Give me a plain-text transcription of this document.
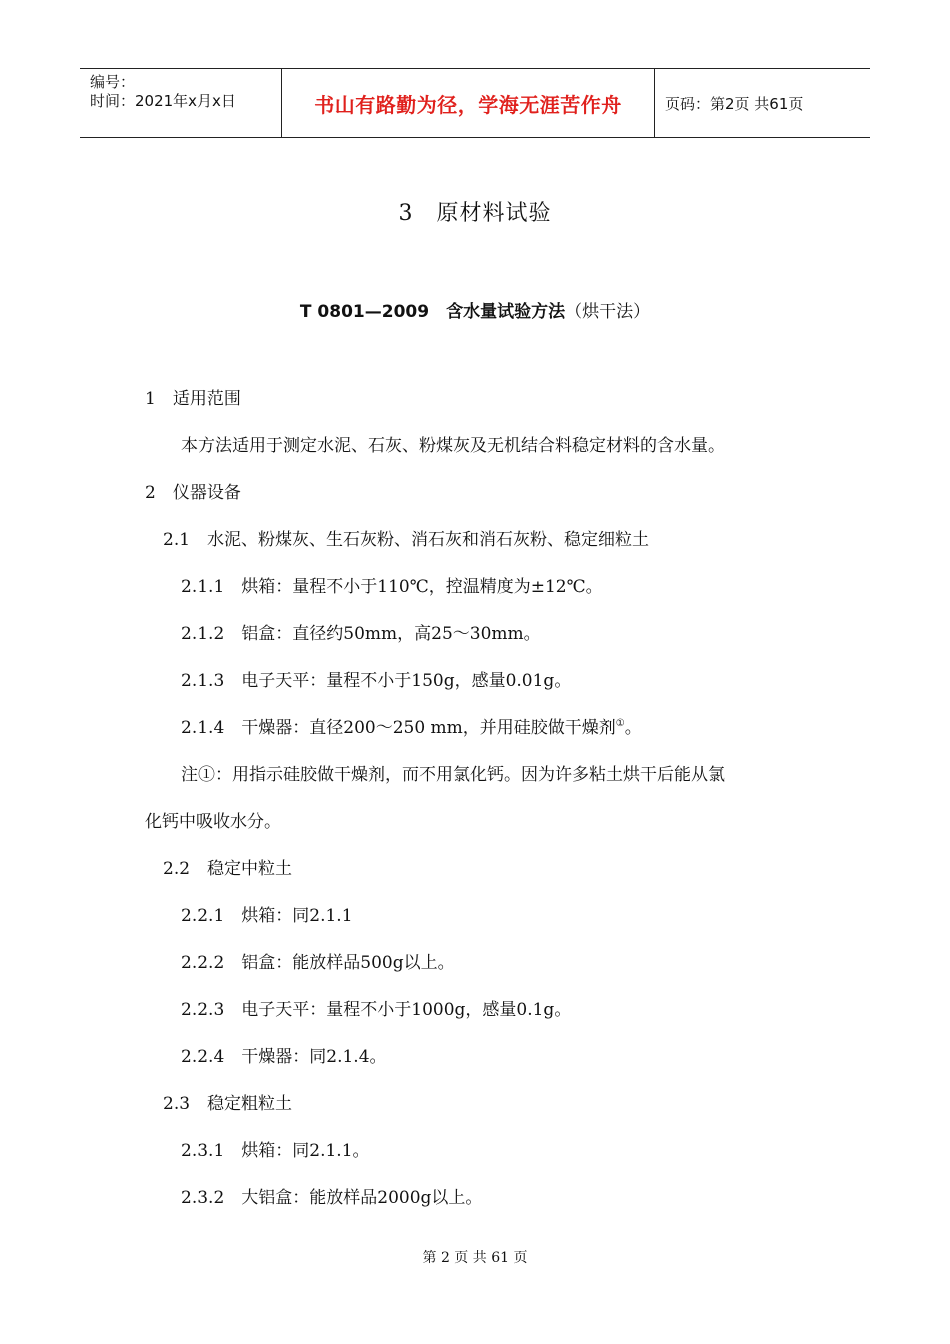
编号：
时间：2021年x月x日	书山有路勤为径，学海无涯苦作舟	页码：第2页 共61页
3　原材料试验
T 0801—2009　含水量试验方法（烘干法）
1　适用范围
本方法适用于测定水泥、石灰、粉煤灰及无机结合料稳定材料的含水量。
2　仪器设备
2.1　水泥、粉煤灰、生石灰粉、消石灰和消石灰粉、稳定细粒土
2.1.1　烘箱：量程不小于110℃，控温精度为±12℃。
2.1.2　铝盒：直径约50mm，高25～30mm。
2.1.3　电子天平：量程不小于150g，感量0.01g。
2.1.4　干燥器：直径200～250 mm，并用硅胶做干燥剂①。
注①：用指示硅胶做干燥剂，而不用氯化钙。因为许多粘土烘干后能从氯
化钙中吸收水分。
2.2　稳定中粒土
2.2.1　烘箱：同2.1.1
2.2.2　铝盒：能放样品500g以上。
2.2.3　电子天平：量程不小于1000g，感量0.1g。
2.2.4　干燥器：同2.1.4。
2.3　稳定粗粒土
2.3.1　烘箱：同2.1.1。
2.3.2　大铝盒：能放样品2000g以上。
第 2 页 共 61 页
